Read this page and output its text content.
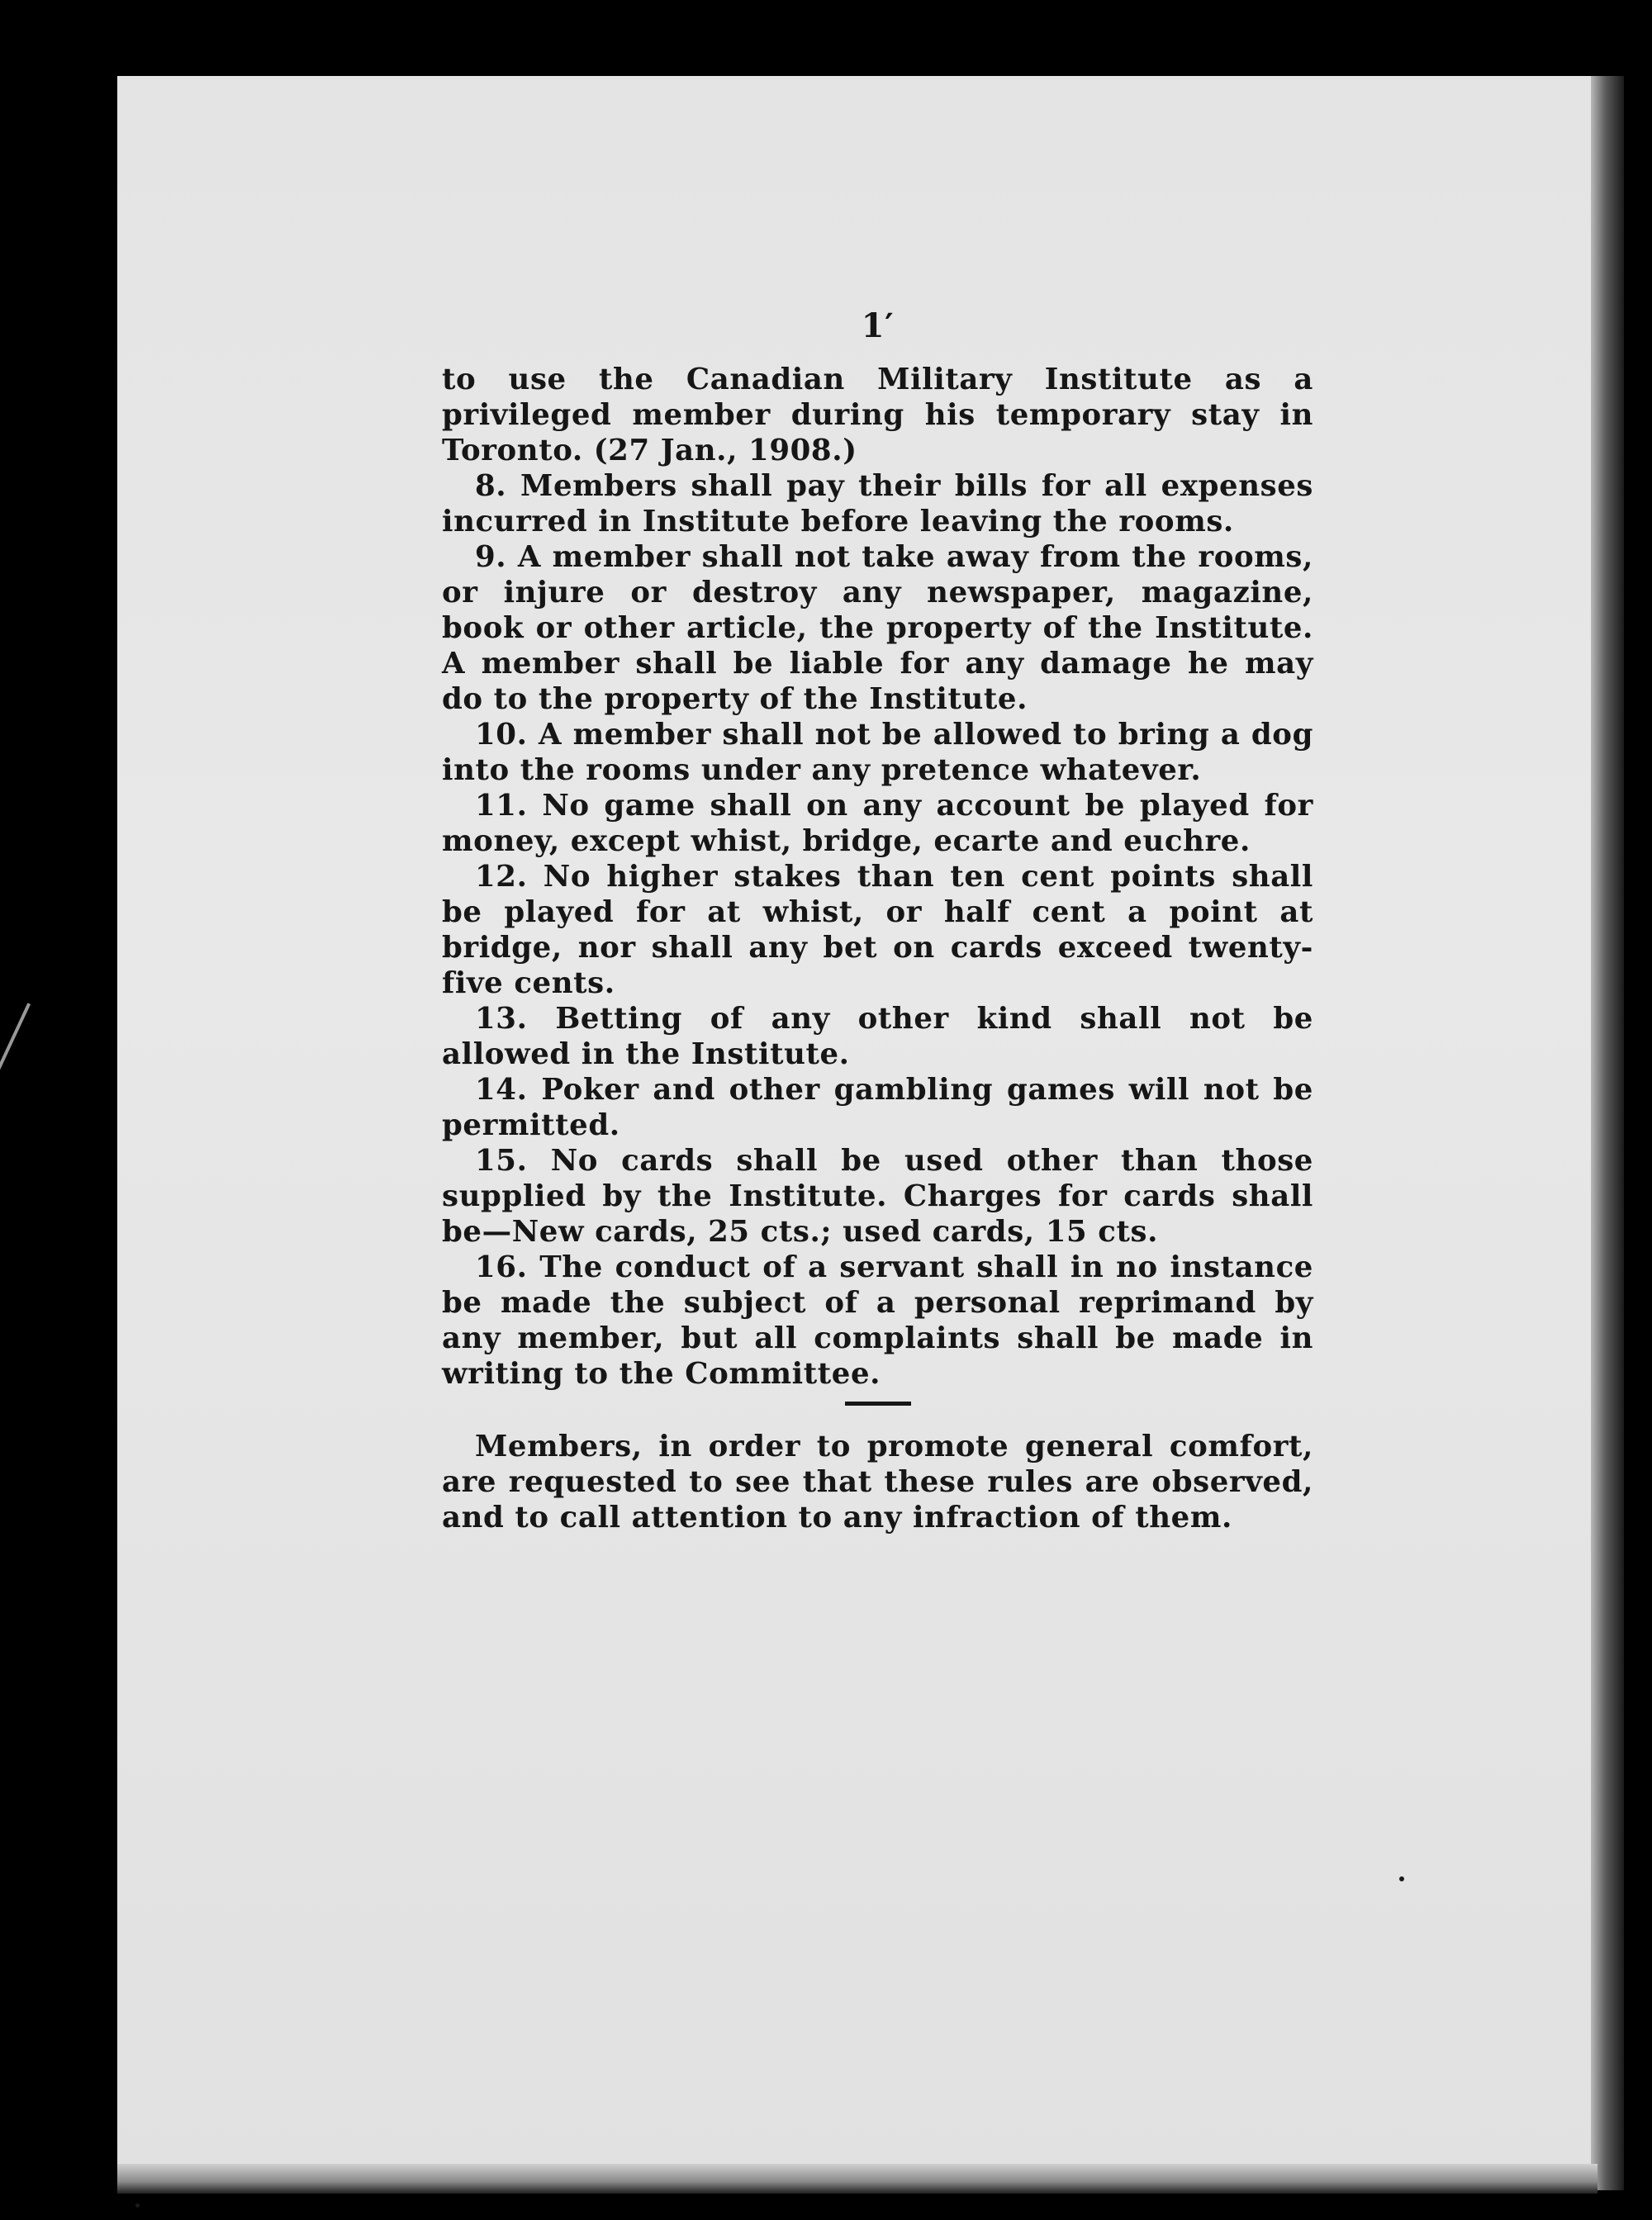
1′

to use the Canadian Military Institute as a privileged member during his temporary stay in Toronto. (27 Jan., 1908.)

8. Members shall pay their bills for all expenses incurred in Institute before leaving the rooms.

9. A member shall not take away from the rooms, or injure or destroy any newspaper, magazine, book or other article, the property of the Institute. A member shall be liable for any damage he may do to the property of the Institute.

10. A member shall not be allowed to bring a dog into the rooms under any pretence whatever.

11. No game shall on any account be played for money, except whist, bridge, ecarte and euchre.

12. No higher stakes than ten cent points shall be played for at whist, or half cent a point at bridge, nor shall any bet on cards exceed twenty-five cents.

13. Betting of any other kind shall not be allowed in the Institute.

14. Poker and other gambling games will not be permitted.

15. No cards shall be used other than those supplied by the Institute. Charges for cards shall be—New cards, 25 cts.; used cards, 15 cts.

16. The conduct of a servant shall in no instance be made the subject of a personal reprimand by any member, but all complaints shall be made in writing to the Committee.

Members, in order to promote general comfort, are requested to see that these rules are observed, and to call attention to any infraction of them.
